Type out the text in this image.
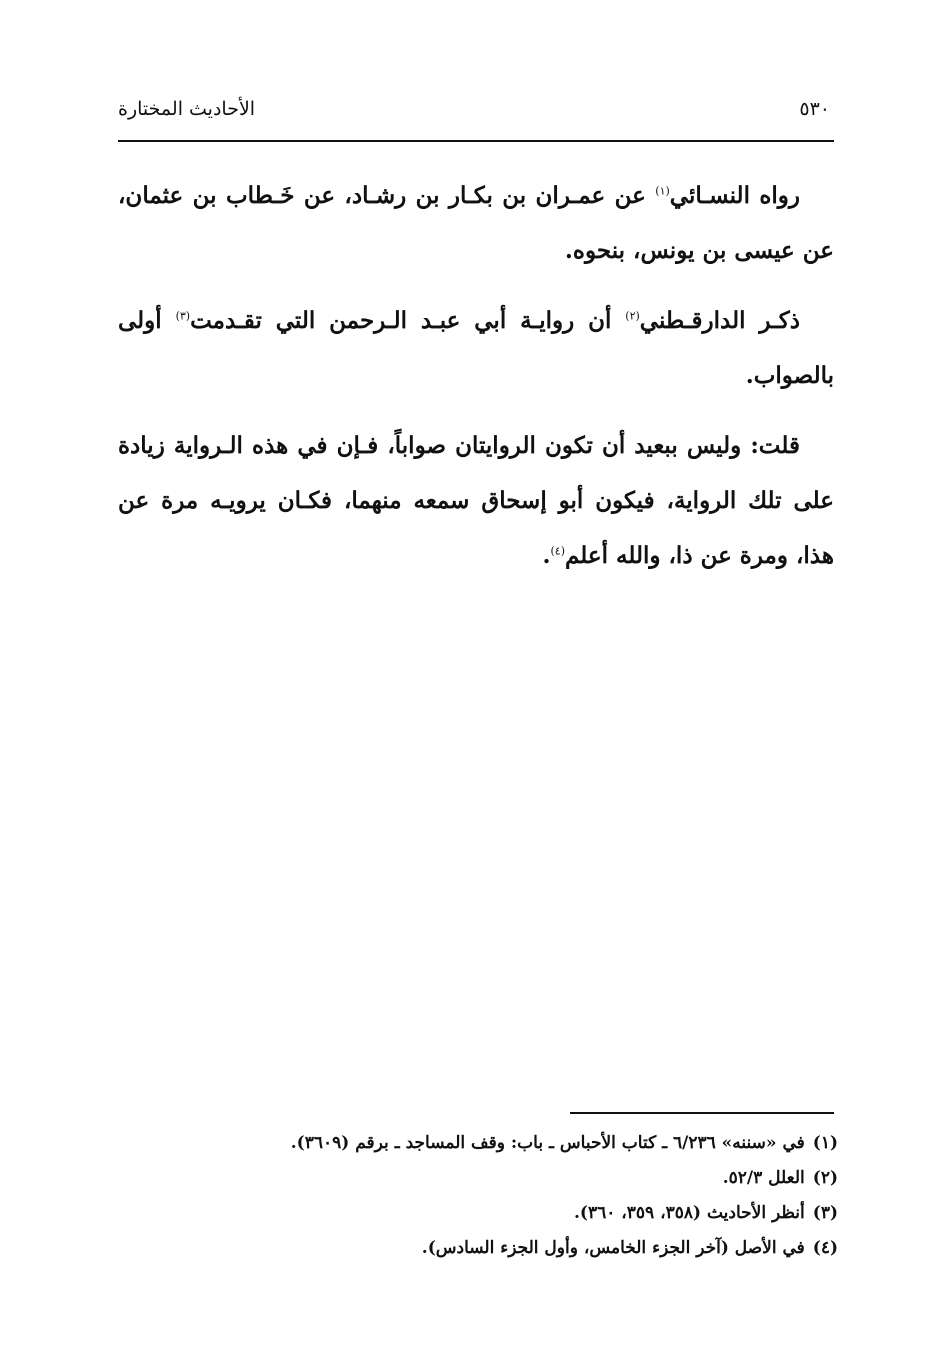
٥٣٠
الأحاديث المختارة

رواه النسـائي$^{(١)}$ عن عمـران بن بكـار بن رشـاد، عن خَـطاب بن عثمان، عن عيسى بن يونس، بنحوه.

ذكـر الدارقـطني$^{(٢)}$ أن روايـة أبي عبـد الـرحمن التي تقـدمت$^{(٣)}$ أولى بالصواب.

قلت: وليس ببعيد أن تكون الروايتان صواباً، فـإن في هذه الـرواية زيادة على تلك الرواية، فيكون أبو إسحاق سمعه منهما، فكـان يرويـه مرة عن هذا، ومرة عن ذا، والله أعلم$^{(٤)}$.

(١)
في «سننه» ٦/٢٣٦ ـ كتاب الأحباس ـ باب: وقف المساجد ـ برقم (٣٦٠٩).
(٢)
العلل ٥٢/٣.
(٣)
أنظر الأحاديث (٣٥٨، ٣٥٩، ٣٦٠).
(٤)
في الأصل (آخر الجزء الخامس، وأول الجزء السادس).
